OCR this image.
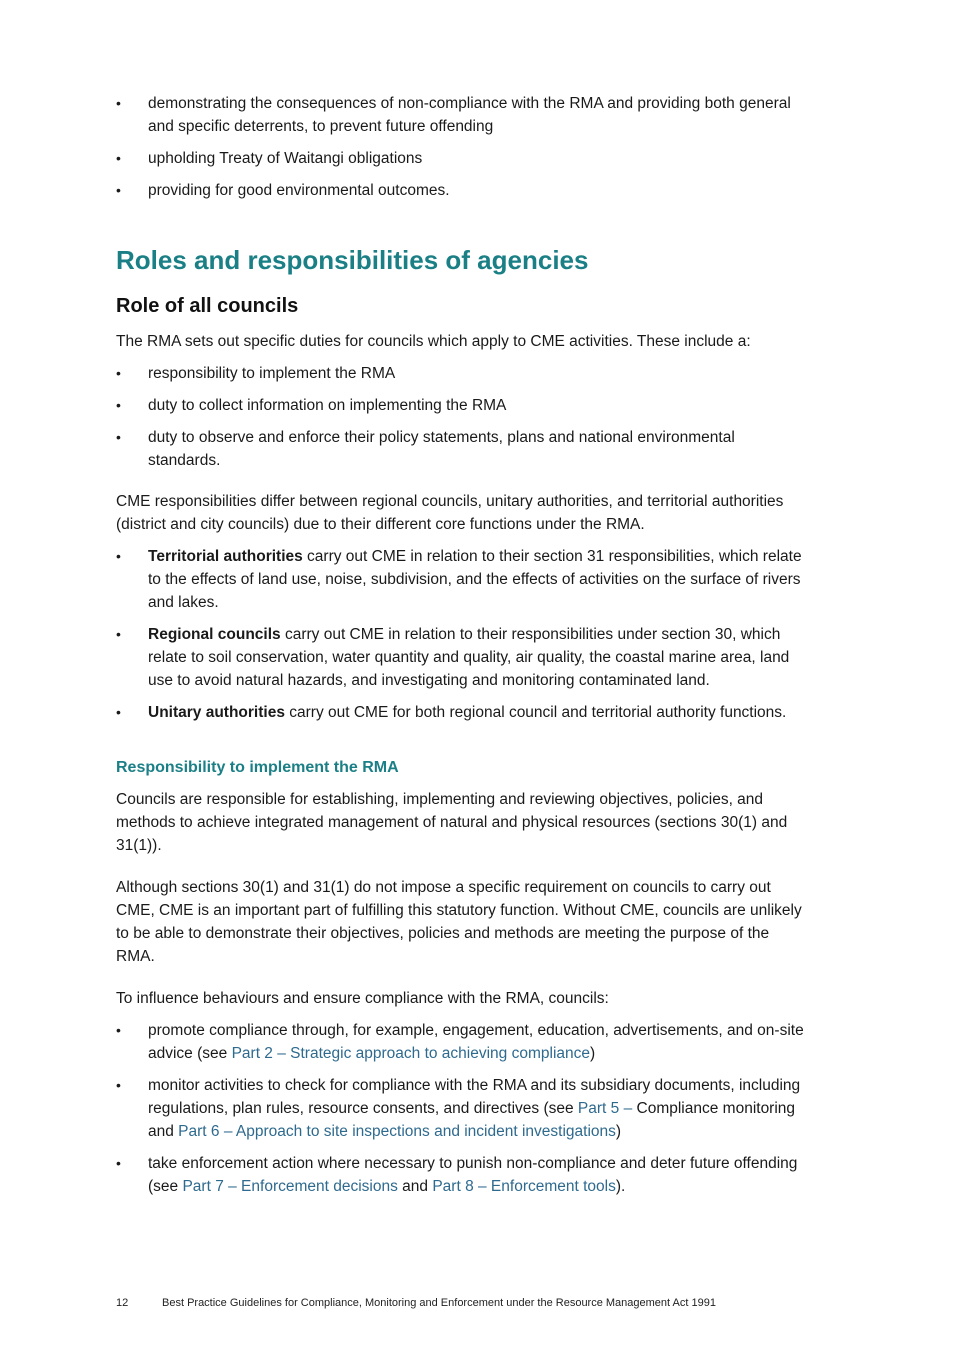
• demonstrating the consequences of non-compliance with the RMA and providing both general and specific deterrents, to prevent future offending
• upholding Treaty of Waitangi obligations
• providing for good environmental outcomes.
Roles and responsibilities of agencies
Role of all councils

The RMA sets out specific duties for councils which apply to CME activities. These include a:

• responsibility to implement the RMA
• duty to collect information on implementing the RMA
• duty to observe and enforce their policy statements, plans and national environmental standards.

CME responsibilities differ between regional councils, unitary authorities, and territorial authorities (district and city councils) due to their different core functions under the RMA.

• Territorial authorities carry out CME in relation to their section 31 responsibilities, which relate to the effects of land use, noise, subdivision, and the effects of activities on the surface of rivers and lakes.
• Regional councils carry out CME in relation to their responsibilities under section 30, which relate to soil conservation, water quantity and quality, air quality, the coastal marine area, land use to avoid natural hazards, and investigating and monitoring contaminated land.
• Unitary authorities carry out CME for both regional council and territorial authority functions.
Responsibility to implement the RMA

Councils are responsible for establishing, implementing and reviewing objectives, policies, and methods to achieve integrated management of natural and physical resources (sections 30(1) and 31(1)).

Although sections 30(1) and 31(1) do not impose a specific requirement on councils to carry out CME, CME is an important part of fulfilling this statutory function. Without CME, councils are unlikely to be able to demonstrate their objectives, policies and methods are meeting the purpose of the RMA.

To influence behaviours and ensure compliance with the RMA, councils:

• promote compliance through, for example, engagement, education, advertisements, and on-site advice (see Part 2 – Strategic approach to achieving compliance)
• monitor activities to check for compliance with the RMA and its subsidiary documents, including regulations, plan rules, resource consents, and directives (see Part 5 – Compliance monitoring and Part 6 – Approach to site inspections and incident investigations)
• take enforcement action where necessary to punish non-compliance and deter future offending (see Part 7 – Enforcement decisions and Part 8 – Enforcement tools).
12	Best Practice Guidelines for Compliance, Monitoring and Enforcement under the Resource Management Act 1991
